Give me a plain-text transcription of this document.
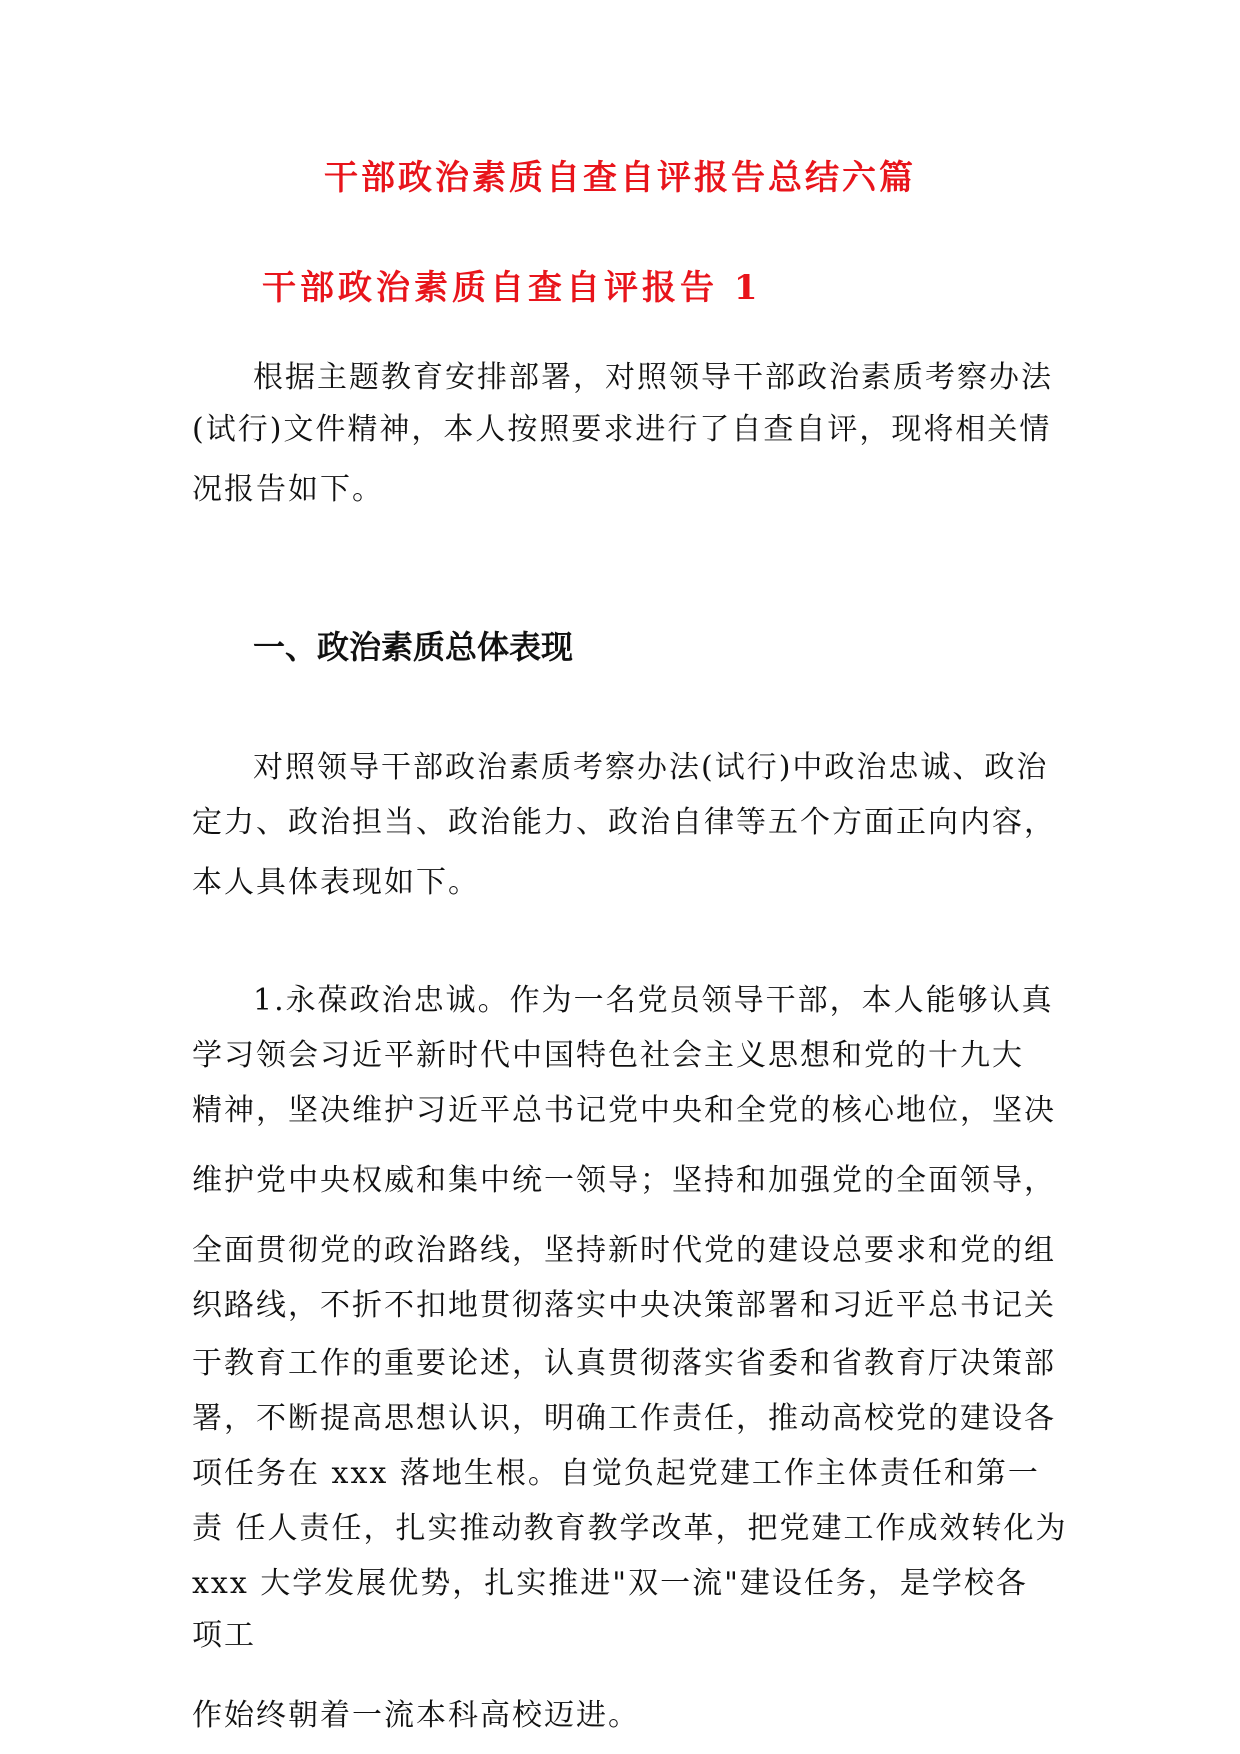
干部政治素质自查自评报告总结六篇
干部政治素质自查自评报告 1
根据主题教育安排部署，对照领导干部政治素质考察办法
(试行)文件精神，本人按照要求进行了自查自评，现将相关情
况报告如下。
一、政治素质总体表现
对照领导干部政治素质考察办法(试行)中政治忠诚、政治
定力、政治担当、政治能力、政治自律等五个方面正向内容，
本人具体表现如下。
1.永葆政治忠诚。作为一名党员领导干部，本人能够认真
学习领会习近平新时代中国特色社会主义思想和党的十九大
精神，坚决维护习近平总书记党中央和全党的核心地位，坚决
维护党中央权威和集中统一领导；坚持和加强党的全面领导，
全面贯彻党的政治路线，坚持新时代党的建设总要求和党的组
织路线，不折不扣地贯彻落实中央决策部署和习近平总书记关
于教育工作的重要论述，认真贯彻落实省委和省教育厅决策部
署，不断提高思想认识，明确工作责任，推动高校党的建设各
项任务在 xxx 落地生根。自觉负起党建工作主体责任和第一
责 任人责任，扎实推动教育教学改革，把党建工作成效转化为
xxx 大学发展优势，扎实推进"双一流"建设任务，是学校各
项工
作始终朝着一流本科高校迈进。
